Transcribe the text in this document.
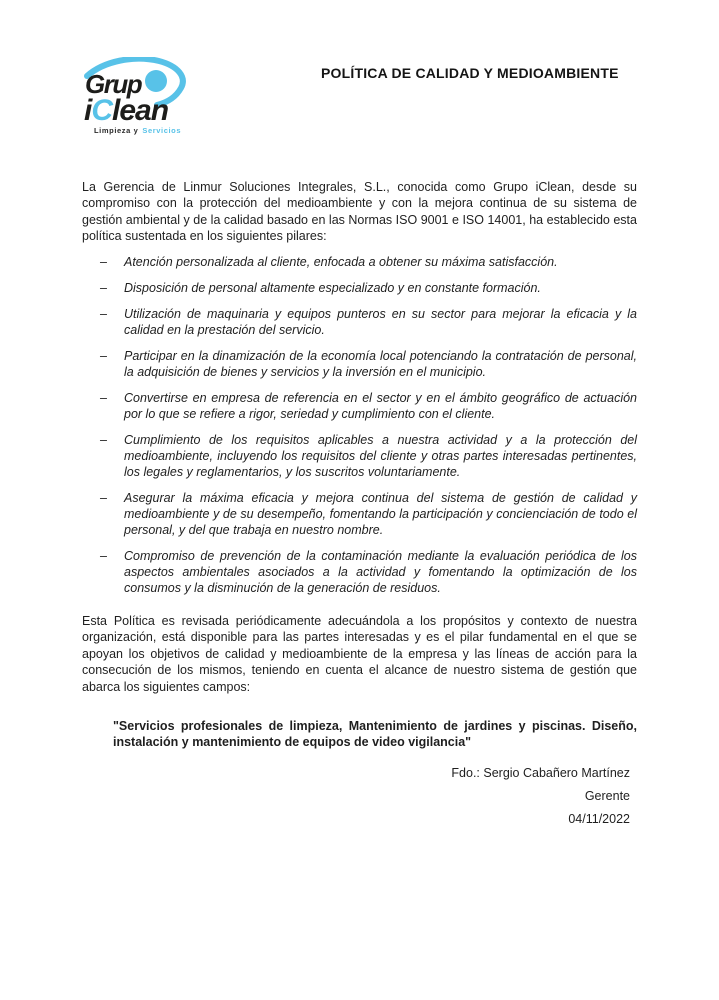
Grup
iClean
Limpieza y Servicios
POLÍTICA DE CALIDAD Y MEDIOAMBIENTE

La Gerencia de Linmur Soluciones Integrales, S.L., conocida como Grupo iClean, desde su compromiso con la protección del medioambiente y con la mejora continua de su sistema de gestión ambiental y de la calidad basado en las Normas ISO 9001 e ISO 14001, ha establecido esta política sustentada en los siguientes pilares:

– Atención personalizada al cliente, enfocada a obtener su máxima satisfacción.
– Disposición de personal altamente especializado y en constante formación.
– Utilización de maquinaria y equipos punteros en su sector para mejorar la eficacia y la calidad en la prestación del servicio.
– Participar en la dinamización de la economía local potenciando la contratación de personal, la adquisición de bienes y servicios y la inversión en el municipio.
– Convertirse en empresa de referencia en el sector y en el ámbito geográfico de actuación por lo que se refiere a rigor, seriedad y cumplimiento con el cliente.
– Cumplimiento de los requisitos aplicables a nuestra actividad y a la protección del medioambiente, incluyendo los requisitos del cliente y otras partes interesadas pertinentes, los legales y reglamentarios, y los suscritos voluntariamente.
– Asegurar la máxima eficacia y mejora continua del sistema de gestión de calidad y medioambiente y de su desempeño, fomentando la participación y concienciación de todo el personal, y del que trabaja en nuestro nombre.
– Compromiso de prevención de la contaminación mediante la evaluación periódica de los aspectos ambientales asociados a la actividad y fomentando la optimización de los consumos y la disminución de la generación de residuos.

Esta Política es revisada periódicamente adecuándola a los propósitos y contexto de nuestra organización, está disponible para las partes interesadas y es el pilar fundamental en el que se apoyan los objetivos de calidad y medioambiente de la empresa y las líneas de acción para la consecución de los mismos, teniendo en cuenta el alcance de nuestro sistema de gestión que abarca los siguientes campos:

"Servicios profesionales de limpieza, Mantenimiento de jardines y piscinas. Diseño, instalación y mantenimiento de equipos de video vigilancia"

Fdo.: Sergio Cabañero Martínez
Gerente
04/11/2022
